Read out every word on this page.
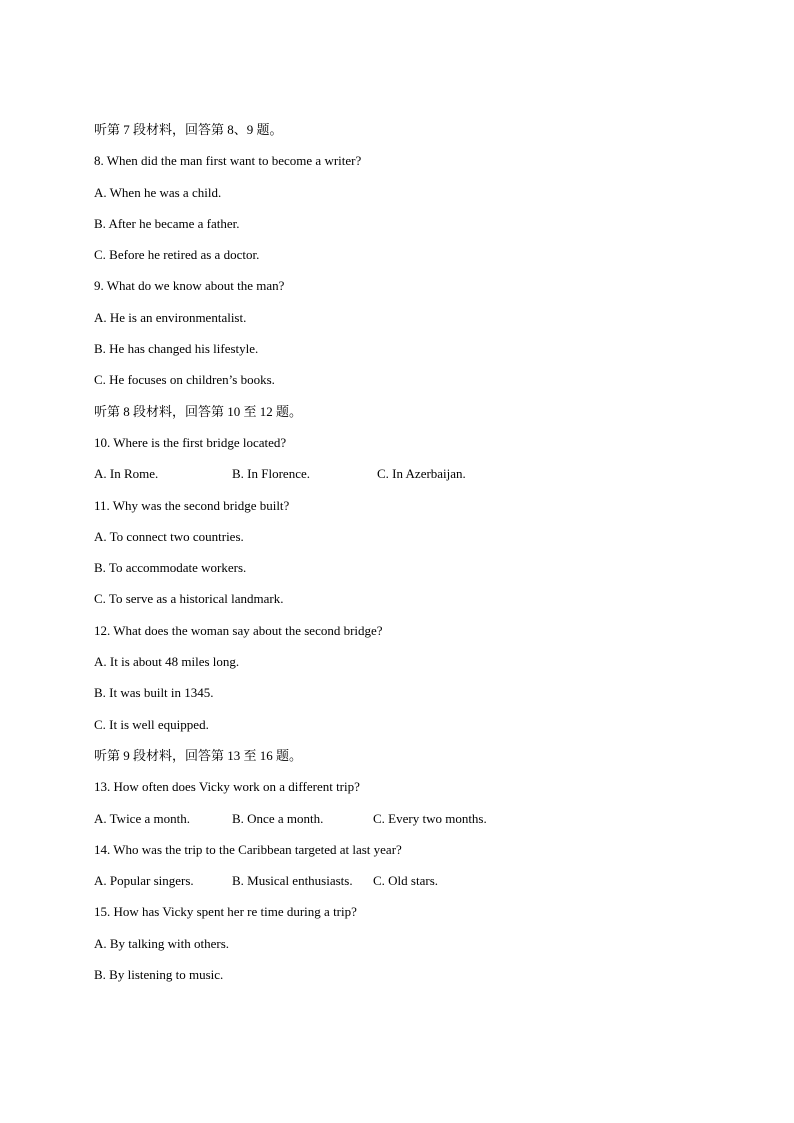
听第 7 段材料，回答第 8、9 题。
8. When did the man first want to become a writer?
A. When he was a child.
B. After he became a father.
C. Before he retired as a doctor.
9. What do we know about the man?
A. He is an environmentalist.
B. He has changed his lifestyle.
C. He focuses on children’s books.
听第 8 段材料，回答第 10 至 12 题。
10. Where is the first bridge located?
A. In Rome.	B. In Florence.	C. In Azerbaijan.
11. Why was the second bridge built?
A. To connect two countries.
B. To accommodate workers.
C. To serve as a historical landmark.
12. What does the woman say about the second bridge?
A. It is about 48 miles long.
B. It was built in 1345.
C. It is well equipped.
听第 9 段材料，回答第 13 至 16 题。
13. How often does Vicky work on a different trip?
A. Twice a month.	B. Once a month.	C. Every two months.
14. Who was the trip to the Caribbean targeted at last year?
A. Popular singers.	B. Musical enthusiasts.	C. Old stars.
15. How has Vicky spent her re time during a trip?
A. By talking with others.
B. By listening to music.
